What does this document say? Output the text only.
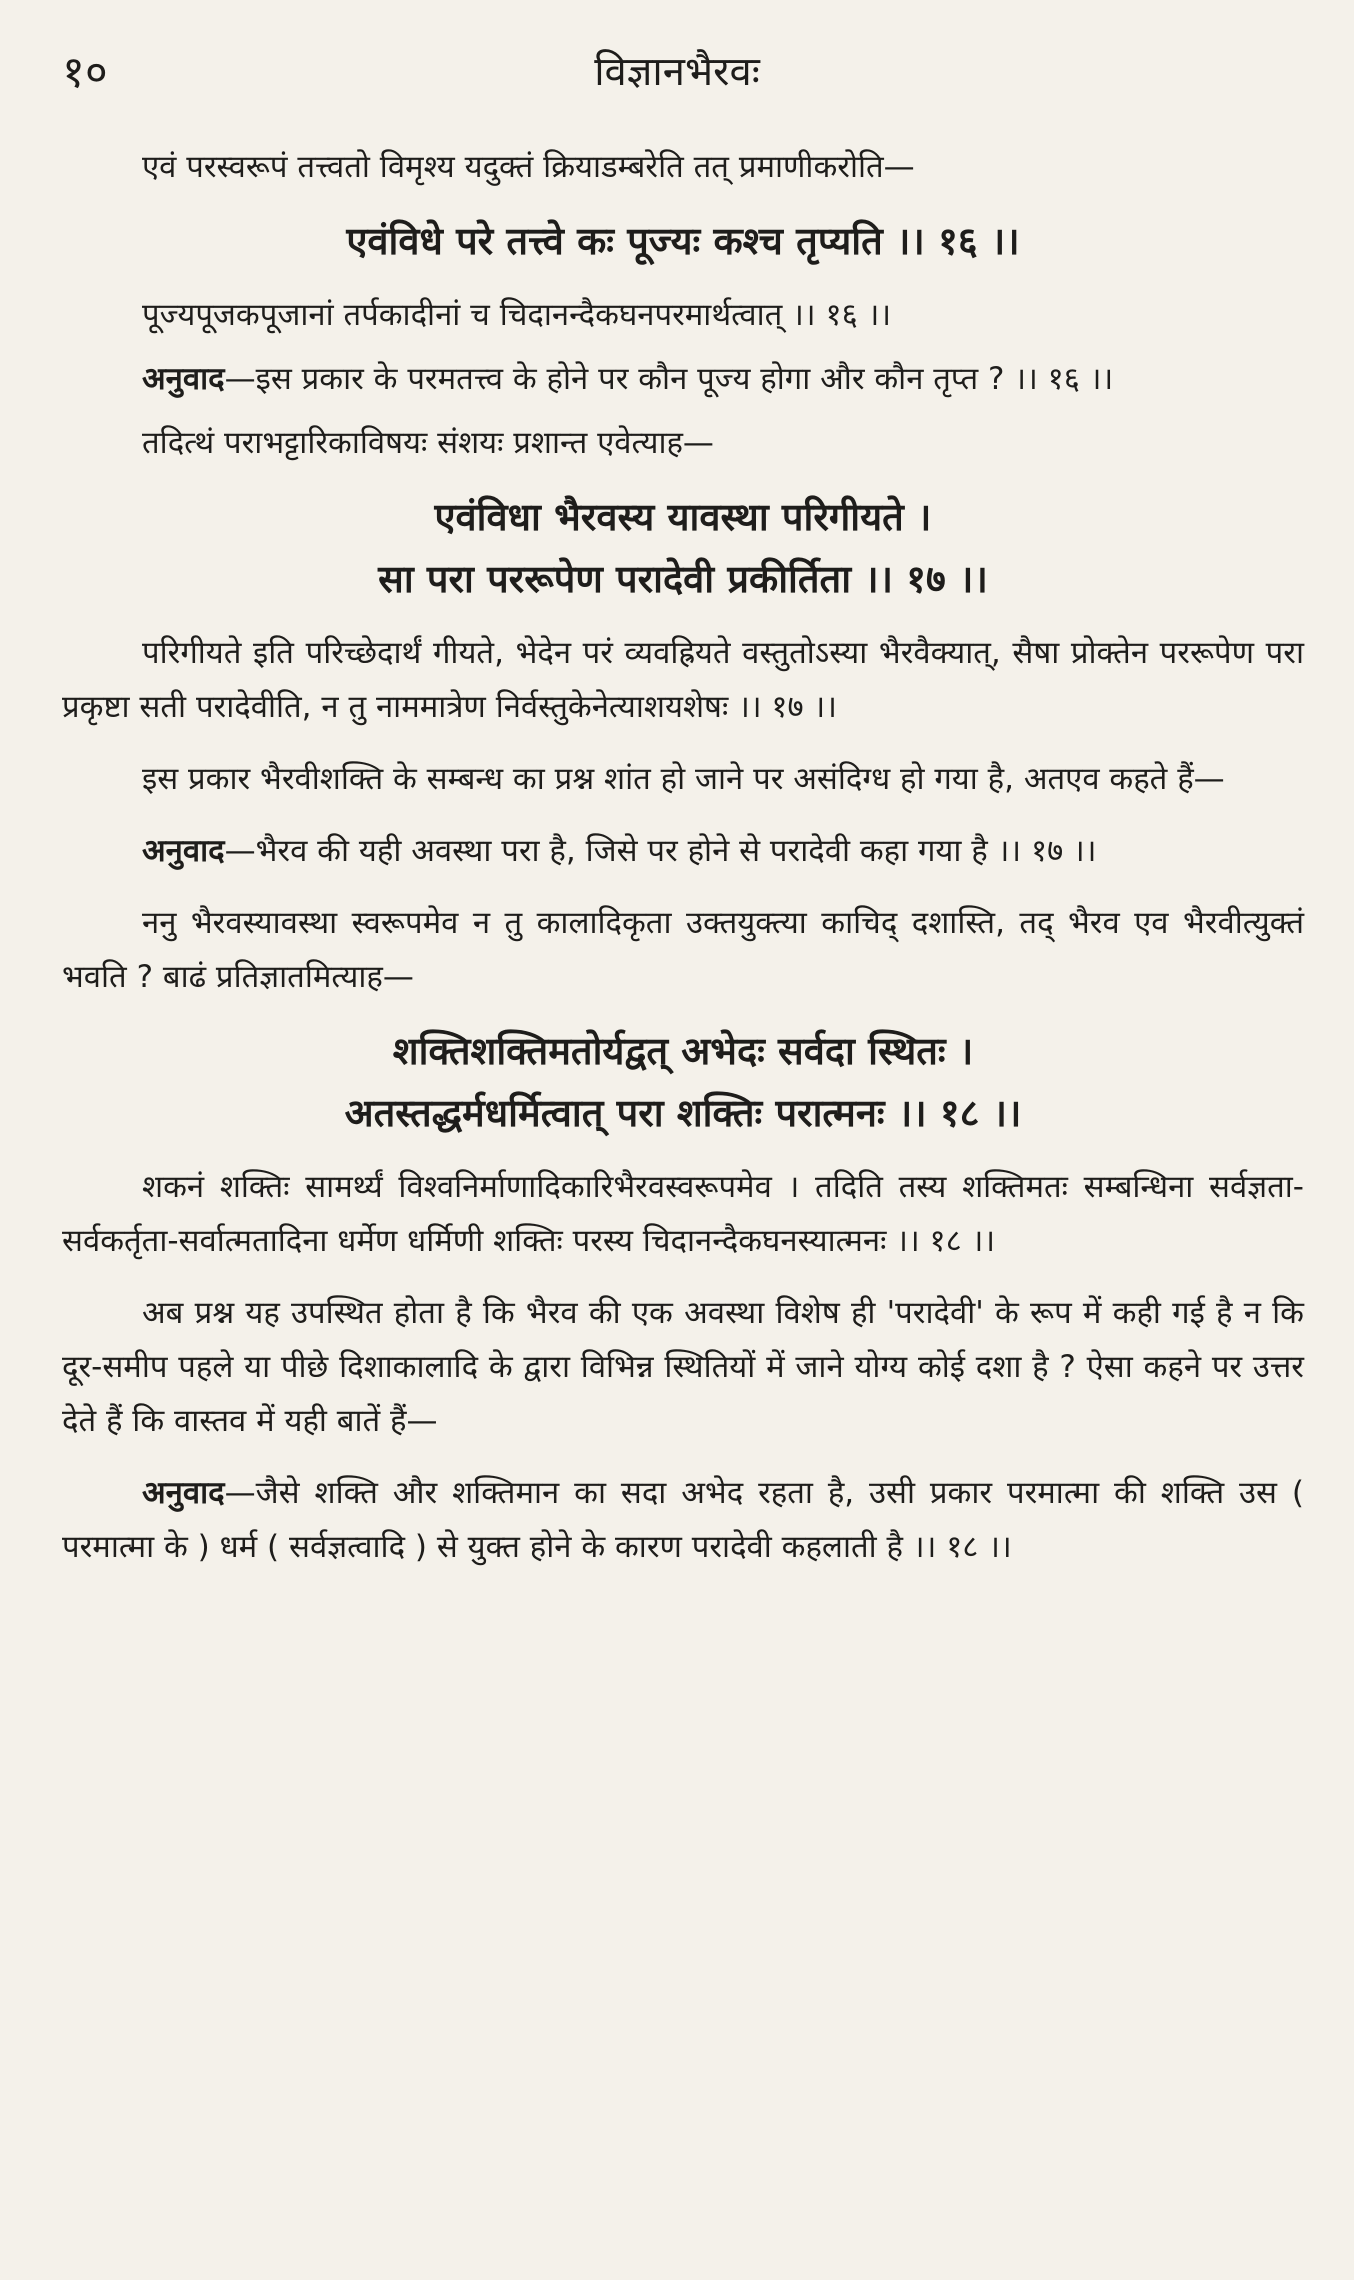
१०	विज्ञानभैरवः

एवं परस्वरूपं तत्त्वतो विमृश्य यदुक्तं क्रियाडम्बरेति तत् प्रमाणीकरोति—

एवंविधे परे तत्त्वे कः पूज्यः कश्च तृप्यति ।। १६ ।।

पूज्यपूजकपूजानां तर्पकादीनां च चिदानन्दैकघनपरमार्थत्वात् ।। १६ ।।

अनुवाद—इस प्रकार के परमतत्त्व के होने पर कौन पूज्य होगा और कौन तृप्त ? ।। १६ ।।

तदित्थं पराभट्टारिकाविषयः संशयः प्रशान्त एवेत्याह—

एवंविधा भैरवस्य यावस्था परिगीयते ।
सा परा पररूपेण परादेवी प्रकीर्तिता ।। १७ ।।

परिगीयते इति परिच्छेदार्थं गीयते, भेदेन परं व्यवह्रियते वस्तुतोऽस्या भैरवैक्यात्, सैषा प्रोक्तेन पररूपेण परा प्रकृष्टा सती परादेवीति, न तु नाममात्रेण निर्वस्तुकेनेत्याशयशेषः ।। १७ ।।

इस प्रकार भैरवीशक्ति के सम्बन्ध का प्रश्न शांत हो जाने पर असंदिग्ध हो गया है, अतएव कहते हैं—

अनुवाद—भैरव की यही अवस्था परा है, जिसे पर होने से परादेवी कहा गया है ।। १७ ।।

ननु भैरवस्यावस्था स्वरूपमेव न तु कालादिकृता उक्तयुक्त्या काचिद् दशास्ति, तद् भैरव एव भैरवीत्युक्तं भवति ? बाढं प्रतिज्ञातमित्याह—

शक्तिशक्तिमतोर्यद्वत् अभेदः सर्वदा स्थितः ।
अतस्तद्धर्मधर्मित्वात् परा शक्तिः परात्मनः ।। १८ ।।

शकनं शक्तिः सामर्थ्यं विश्वनिर्माणादिकारिभैरवस्वरूपमेव । तदिति तस्य शक्तिमतः सम्बन्धिना सर्वज्ञता-सर्वकर्तृता-सर्वात्मतादिना धर्मेण धर्मिणी शक्तिः परस्य चिदानन्दैकघनस्यात्मनः ।। १८ ।।

अब प्रश्न यह उपस्थित होता है कि भैरव की एक अवस्था विशेष ही 'परादेवी' के रूप में कही गई है न कि दूर-समीप पहले या पीछे दिशाकालादि के द्वारा विभिन्न स्थितियों में जाने योग्य कोई दशा है ? ऐसा कहने पर उत्तर देते हैं कि वास्तव में यही बातें हैं—

अनुवाद—जैसे शक्ति और शक्तिमान का सदा अभेद रहता है, उसी प्रकार परमात्मा की शक्ति उस ( परमात्मा के ) धर्म ( सर्वज्ञत्वादि ) से युक्त होने के कारण परादेवी कहलाती है ।। १८ ।।
